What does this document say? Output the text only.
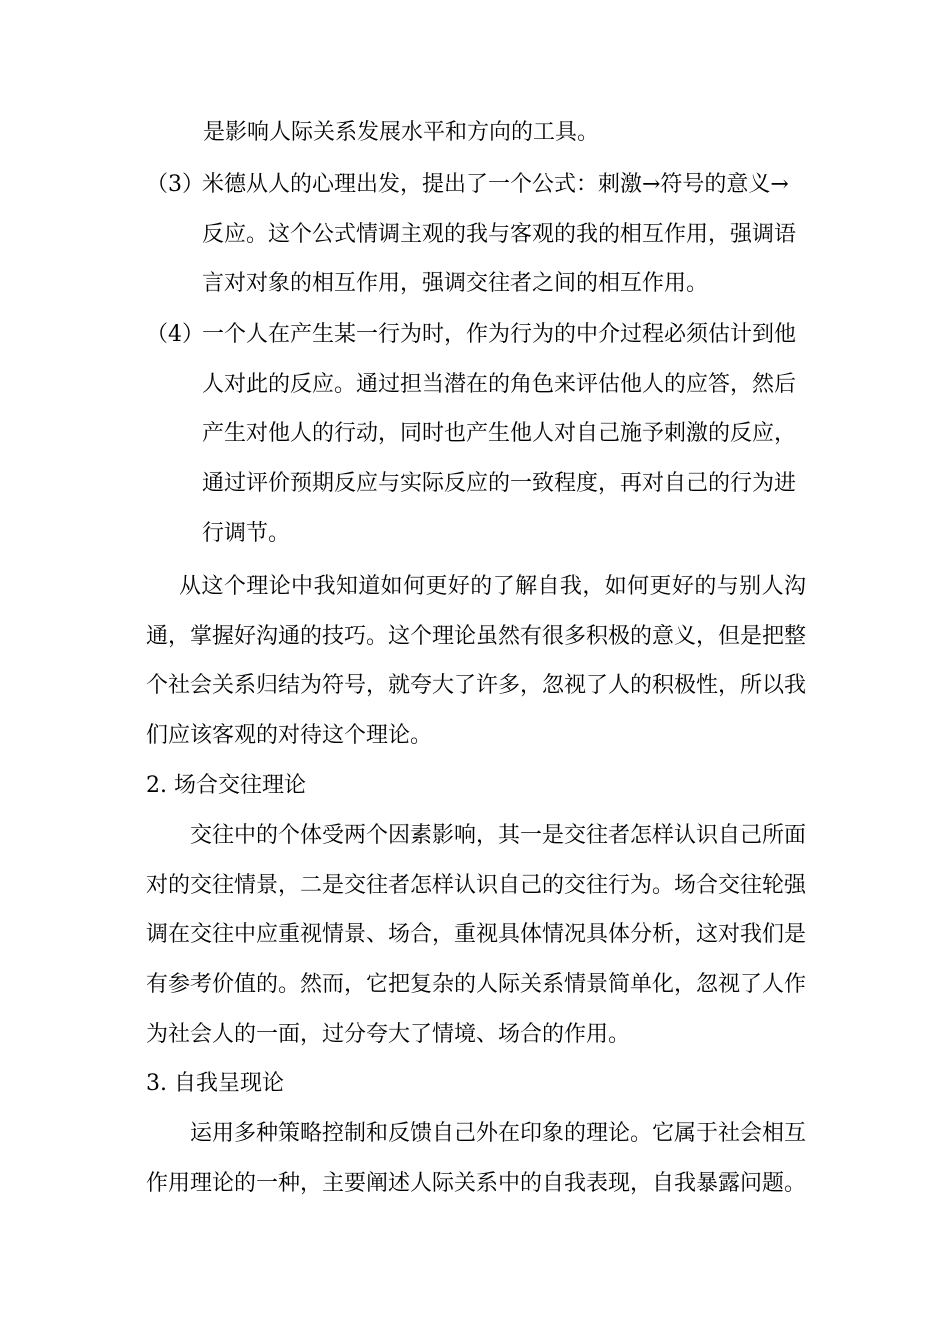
是影响人际关系发展水平和方向的工具。
（3）
米德从人的心理出发，提出了一个公式：刺激→符号的意义→反应。这个公式情调主观的我与客观的我的相互作用，强调语言对对象的相互作用，强调交往者之间的相互作用。
（4）
一个人在产生某一行为时，作为行为的中介过程必须估计到他人对此的反应。通过担当潜在的角色来评估他人的应答，然后产生对他人的行动，同时也产生他人对自己施予刺激的反应，通过评价预期反应与实际反应的一致程度，再对自己的行为进行调节。
从这个理论中我知道如何更好的了解自我，如何更好的与别人沟通，掌握好沟通的技巧。这个理论虽然有很多积极的意义，但是把整个社会关系归结为符号，就夸大了许多，忽视了人的积极性，所以我们应该客观的对待这个理论。
2. 场合交往理论
交往中的个体受两个因素影响，其一是交往者怎样认识自己所面对的交往情景，二是交往者怎样认识自己的交往行为。场合交往轮强调在交往中应重视情景、场合，重视具体情况具体分析，这对我们是有参考价值的。然而，它把复杂的人际关系情景简单化，忽视了人作为社会人的一面，过分夸大了情境、场合的作用。
3. 自我呈现论
运用多种策略控制和反馈自己外在印象的理论。它属于社会相互作用理论的一种，主要阐述人际关系中的自我表现，自我暴露问题。
